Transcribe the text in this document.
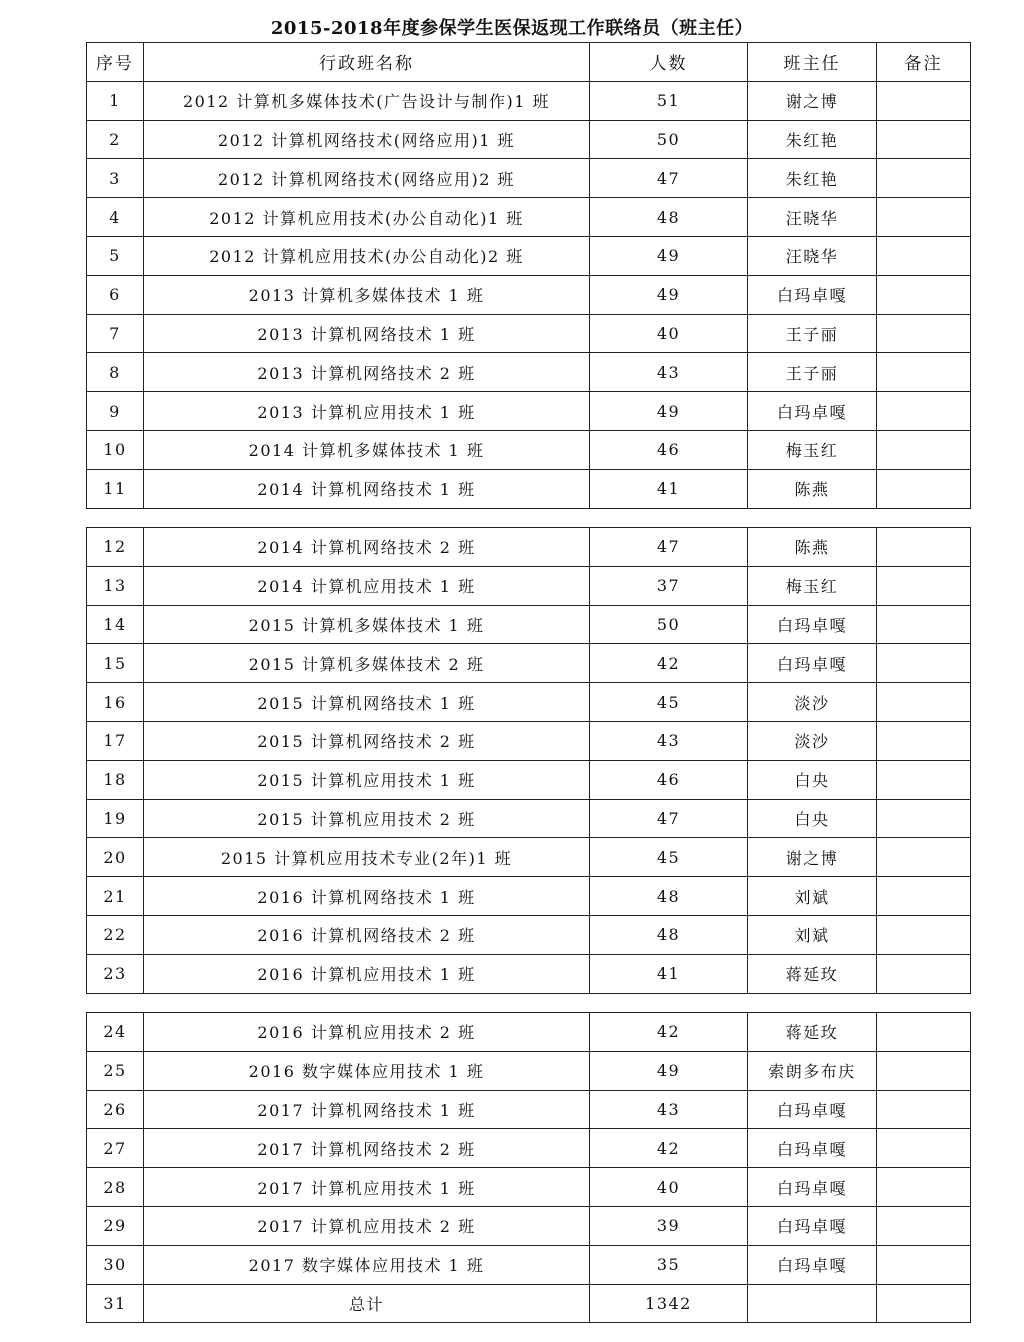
2015-2018年度参保学生医保返现工作联络员（班主任）
序号	行政班名称	人数	班主任	备注
1	2012 计算机多媒体技术(广告设计与制作)1 班	51	谢之博	
2	2012 计算机网络技术(网络应用)1 班	50	朱红艳	
3	2012 计算机网络技术(网络应用)2 班	47	朱红艳	
4	2012 计算机应用技术(办公自动化)1 班	48	汪晓华	
5	2012 计算机应用技术(办公自动化)2 班	49	汪晓华	
6	2013 计算机多媒体技术 1 班	49	白玛卓嘎	
7	2013 计算机网络技术 1 班	40	王子丽	
8	2013 计算机网络技术 2 班	43	王子丽	
9	2013 计算机应用技术 1 班	49	白玛卓嘎	
10	2014 计算机多媒体技术 1 班	46	梅玉红	
11	2014 计算机网络技术 1 班	41	陈燕	
12	2014 计算机网络技术 2 班	47	陈燕	
13	2014 计算机应用技术 1 班	37	梅玉红	
14	2015 计算机多媒体技术 1 班	50	白玛卓嘎	
15	2015 计算机多媒体技术 2 班	42	白玛卓嘎	
16	2015 计算机网络技术 1 班	45	淡沙	
17	2015 计算机网络技术 2 班	43	淡沙	
18	2015 计算机应用技术 1 班	46	白央	
19	2015 计算机应用技术 2 班	47	白央	
20	2015 计算机应用技术专业(2年)1 班	45	谢之博	
21	2016 计算机网络技术 1 班	48	刘斌	
22	2016 计算机网络技术 2 班	48	刘斌	
23	2016 计算机应用技术 1 班	41	蒋延玫	
24	2016 计算机应用技术 2 班	42	蒋延玫	
25	2016 数字媒体应用技术 1 班	49	索朗多布庆	
26	2017 计算机网络技术 1 班	43	白玛卓嘎	
27	2017 计算机网络技术 2 班	42	白玛卓嘎	
28	2017 计算机应用技术 1 班	40	白玛卓嘎	
29	2017 计算机应用技术 2 班	39	白玛卓嘎	
30	2017 数字媒体应用技术 1 班	35	白玛卓嘎	
31	总计	1342		
